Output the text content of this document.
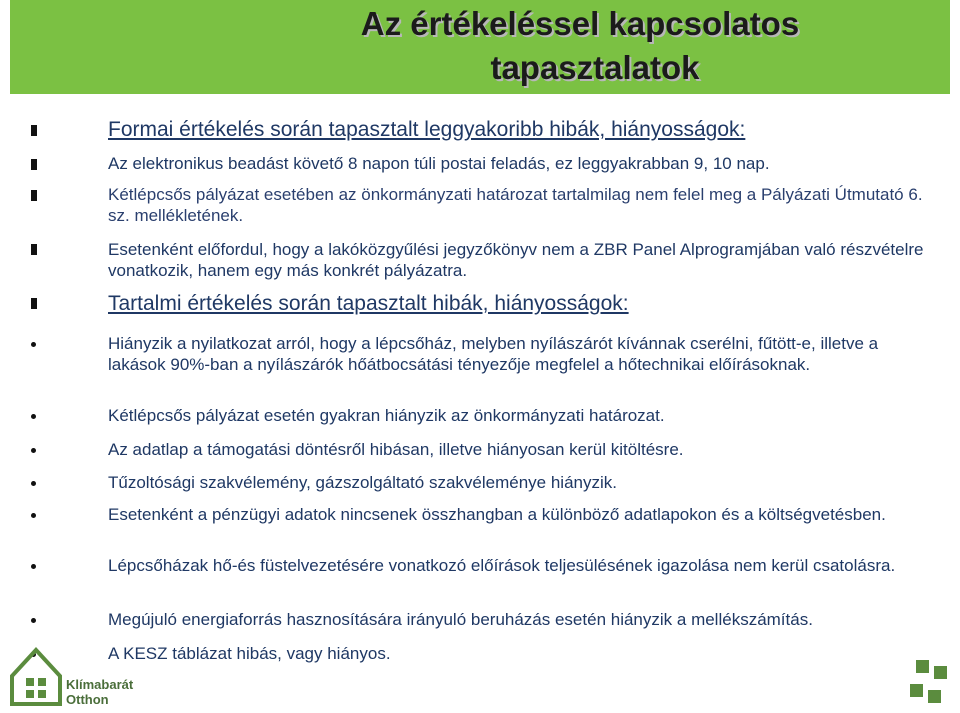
Az értékeléssel kapcsolatos
tapasztalatok
Formai értékelés során tapasztalt leggyakoribb hibák, hiányosságok:
Az elektronikus beadást követő 8 napon túli postai feladás, ez leggyakrabban 9, 10 nap.
Kétlépcsős pályázat esetében az önkormányzati határozat tartalmilag nem felel meg a Pályázati Útmutató 6. sz. mellékletének.
Esetenként előfordul, hogy a lakóközgyűlési jegyzőkönyv nem a ZBR Panel Alprogramjában való részvételre vonatkozik, hanem egy más konkrét pályázatra.
Tartalmi értékelés során tapasztalt hibák, hiányosságok:
Hiányzik a nyilatkozat arról, hogy a lépcsőház, melyben nyílászárót kívánnak cserélni, fűtött-e, illetve a lakások 90%-ban a nyílászárók hőátbocsátási tényezője megfelel a hőtechnikai előírásoknak.
Kétlépcsős pályázat esetén gyakran hiányzik az önkormányzati határozat.
Az adatlap a támogatási döntésről hibásan, illetve hiányosan kerül kitöltésre.
Tűzoltósági szakvélemény, gázszolgáltató szakvéleménye hiányzik.
Esetenként a pénzügyi adatok nincsenek összhangban a különböző adatlapokon és a költségvetésben.
Lépcsőházak hő-és füstelvezetésére vonatkozó előírások teljesülésének igazolása nem kerül csatolásra.
Megújuló energiaforrás hasznosítására irányuló beruházás esetén hiányzik a mellékszámítás.
A KESZ táblázat hibás, vagy hiányos.
Klímabarát
Otthon
